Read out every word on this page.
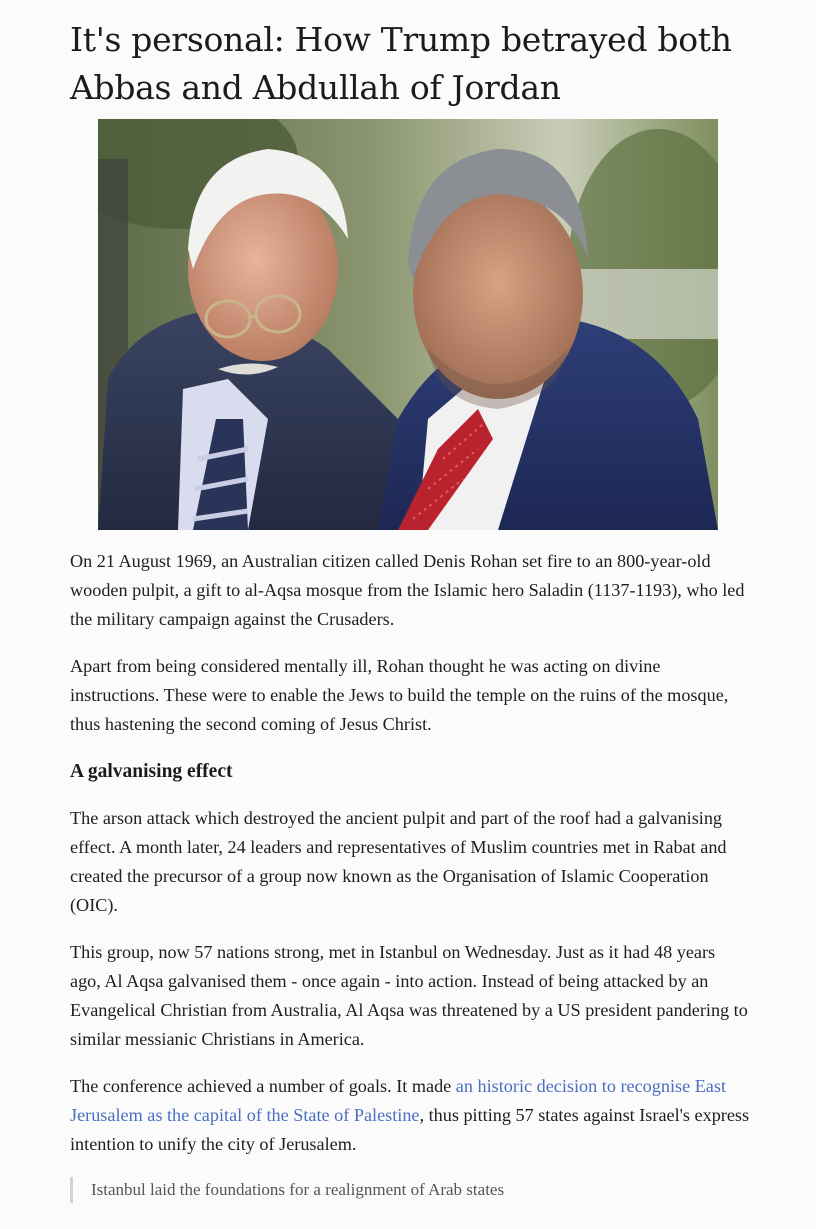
It's personal: How Trump betrayed both Abbas and Abdullah of Jordan

On 21 August 1969, an Australian citizen called Denis Rohan set fire to an 800-year-old wooden pulpit, a gift to al-Aqsa mosque from the Islamic hero Saladin (1137-1193), who led the military campaign against the Crusaders.

Apart from being considered mentally ill, Rohan thought he was acting on divine instructions. These were to enable the Jews to build the temple on the ruins of the mosque, thus hastening the second coming of Jesus Christ.

A galvanising effect

The arson attack which destroyed the ancient pulpit and part of the roof had a galvanising effect. A month later, 24 leaders and representatives of Muslim countries met in Rabat and created the precursor of a group now known as the Organisation of Islamic Cooperation (OIC).

This group, now 57 nations strong, met in Istanbul on Wednesday. Just as it had 48 years ago, Al Aqsa galvanised them - once again - into action. Instead of being attacked by an Evangelical Christian from Australia, Al Aqsa was threatened by a US president pandering to similar messianic Christians in America.

The conference achieved a number of goals. It made an historic decision to recognise East Jerusalem as the capital of the State of Palestine, thus pitting 57 states against Israel's express intention to unify the city of Jerusalem.

Istanbul laid the foundations for a realignment of Arab states
